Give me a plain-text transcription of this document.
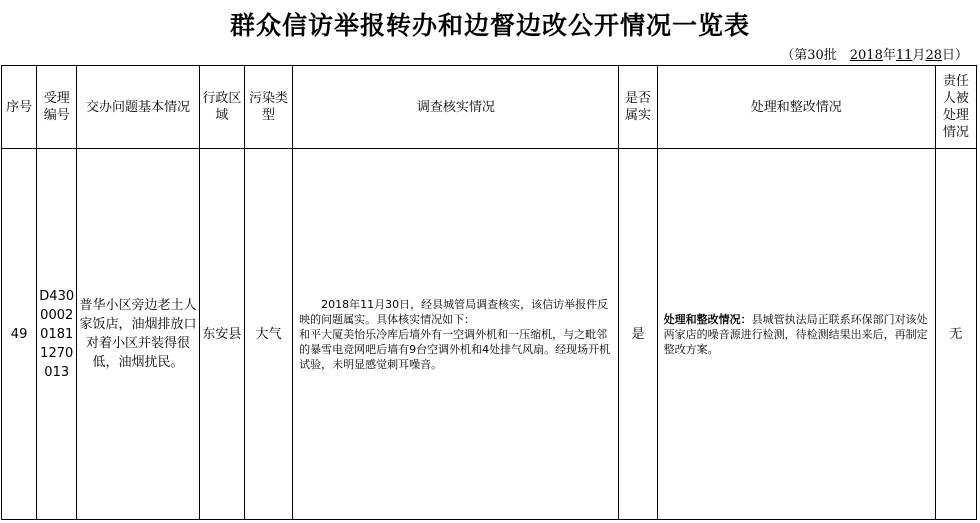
群众信访举报转办和边督边改公开情况一览表
（第30批　2018年11月28日）
序号	受理编号	交办问题基本情况	行政区域	污染类型	调查核实情况	是否属实	处理和整改情况	责任人被处理情况
49	D430000201811270013	普华小区旁边老土人家饭店，油烟排放口对着小区并装得很低，油烟扰民。	东安县	大气	2018年11月30日，经县城管局调查核实，该信访举报件反映的问题属实。具体核实情况如下：
和平大厦美怡乐冷库后墙外有一空调外机和一压缩机，与之毗邻的暴雪电竞网吧后墙有9台空调外机和4处排气风扇。经现场开机试验，未明显感觉刺耳噪音。	是	处理和整改情况：县城管执法局正联系环保部门对该处两家店的噪音源进行检测，待检测结果出来后，再制定整改方案。	无
